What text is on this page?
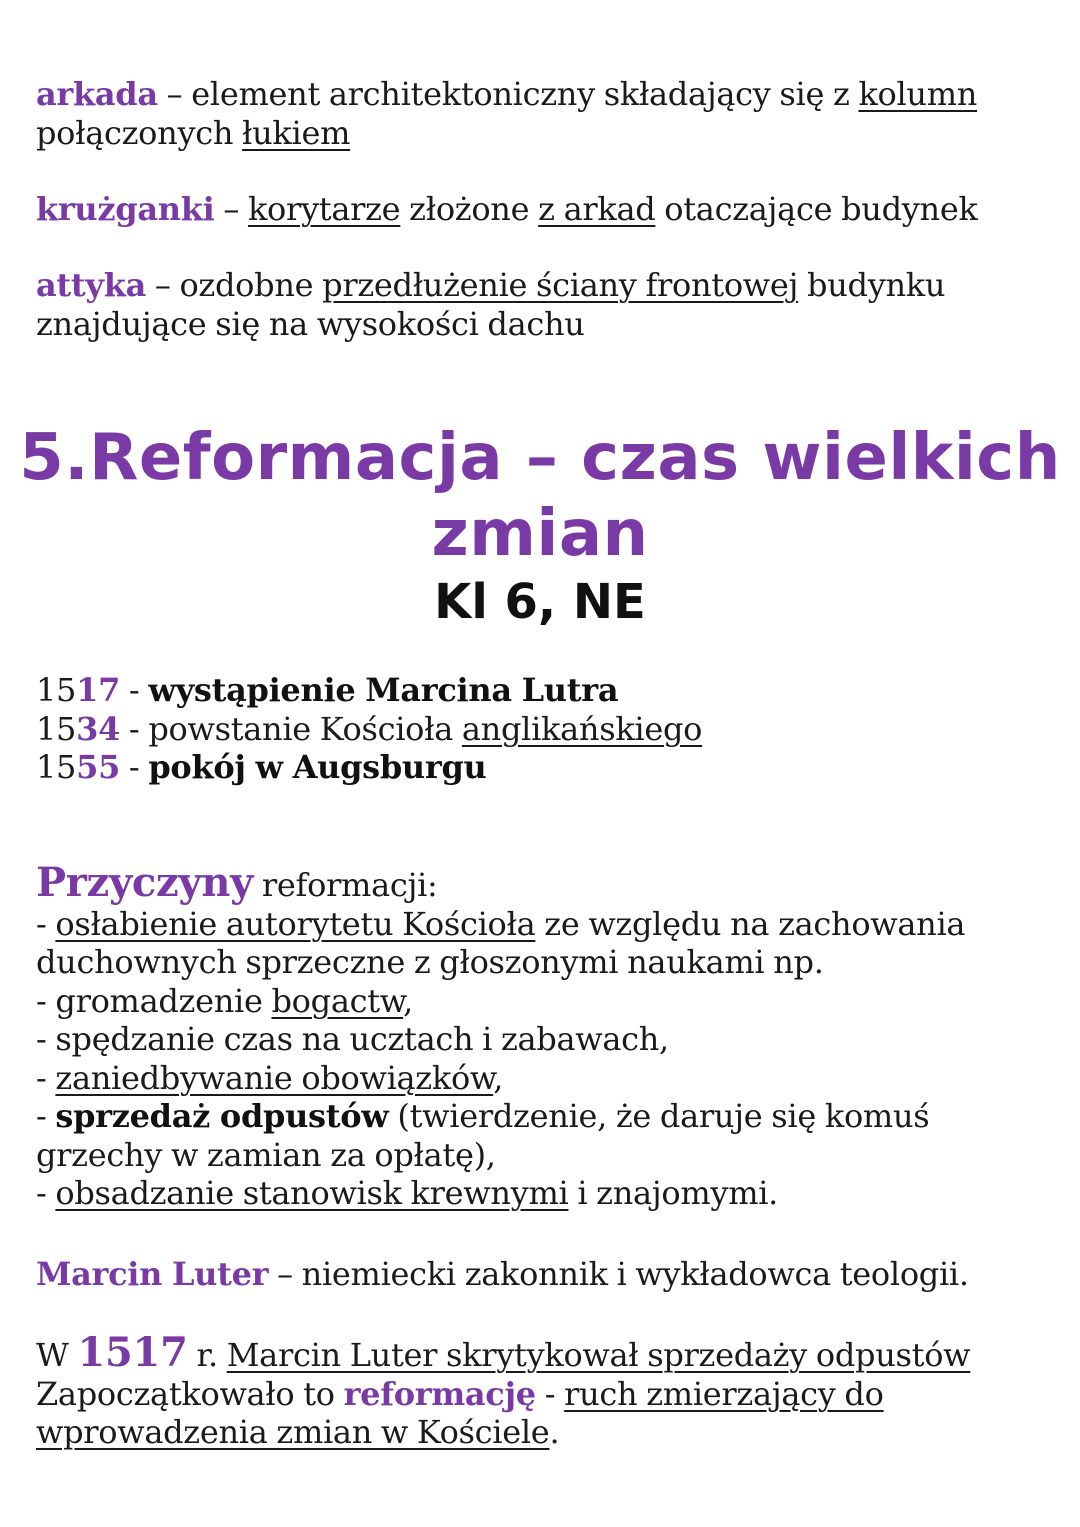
arkada – element architektoniczny składający się z kolumn
połączonych łukiem

krużganki – korytarze złożone z arkad otaczające budynek

attyka – ozdobne przedłużenie ściany frontowej budynku
znajdujące się na wysokości dachu

5.Reformacja – czas wielkich
zmian
Kl 6, NE
1517 - wystąpienie Marcina Lutra
1534 - powstanie Kościoła anglikańskiego
1555 - pokój w Augsburgu
Przyczyny reformacji:
- osłabienie autorytetu Kościoła ze względu na zachowania
duchownych sprzeczne z głoszonymi naukami np.
- gromadzenie bogactw,
- spędzanie czas na ucztach i zabawach,
- zaniedbywanie obowiązków,
- sprzedaż odpustów (twierdzenie, że daruje się komuś
grzechy w zamian za opłatę),
- obsadzanie stanowisk krewnymi i znajomymi.

Marcin Luter – niemiecki zakonnik i wykładowca teologii.

W 1517 r. Marcin Luter skrytykował sprzedaży odpustów
Zapoczątkowało to reformację - ruch zmierzający do
wprowadzenia zmian w Kościele.
